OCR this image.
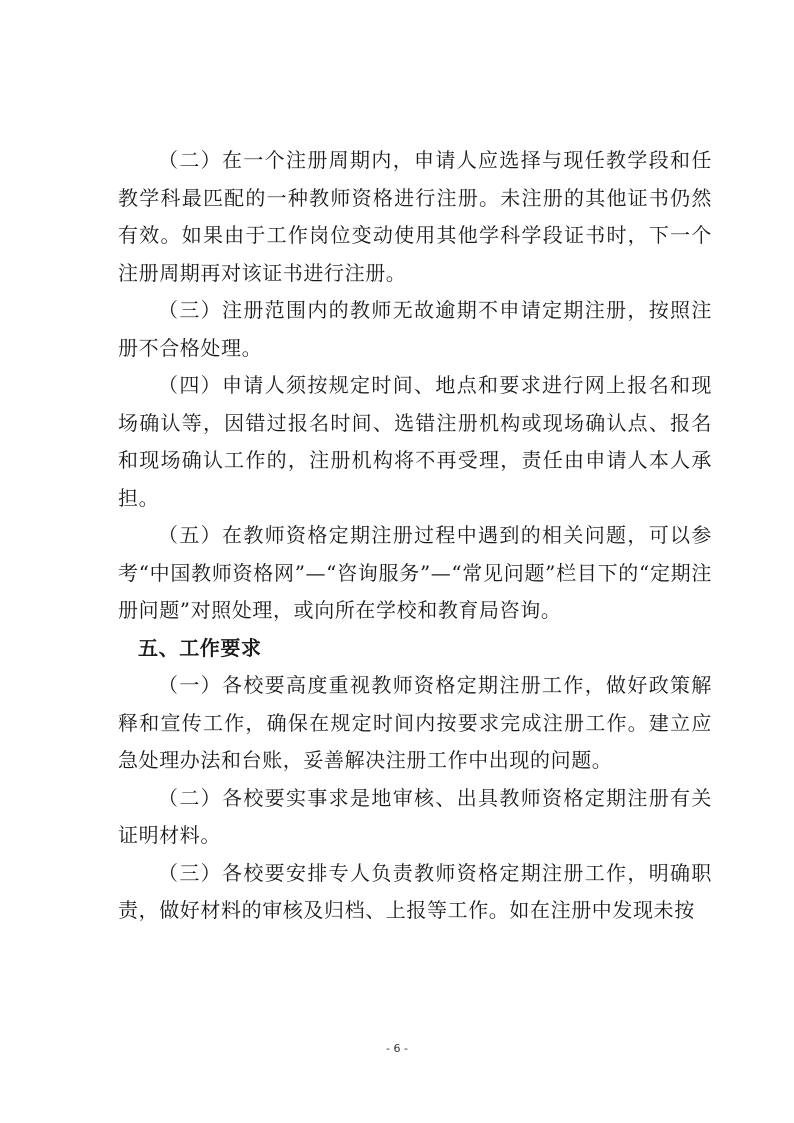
（二）在一个注册周期内，申请人应选择与现任教学段和任教学科最匹配的一种教师资格进行注册。未注册的其他证书仍然有效。如果由于工作岗位变动使用其他学科学段证书时，下一个注册周期再对该证书进行注册。

（三）注册范围内的教师无故逾期不申请定期注册，按照注册不合格处理。

（四）申请人须按规定时间、地点和要求进行网上报名和现场确认等，因错过报名时间、选错注册机构或现场确认点、报名和现场确认工作的，注册机构将不再受理，责任由申请人本人承担。

（五）在教师资格定期注册过程中遇到的相关问题，可以参考“中国教师资格网”—“咨询服务”—“常见问题”栏目下的“定期注册问题”对照处理，或向所在学校和教育局咨询。

五、工作要求

（一）各校要高度重视教师资格定期注册工作，做好政策解释和宣传工作，确保在规定时间内按要求完成注册工作。建立应急处理办法和台账，妥善解决注册工作中出现的问题。

（二）各校要实事求是地审核、出具教师资格定期注册有关证明材料。

（三）各校要安排专人负责教师资格定期注册工作，明确职责，做好材料的审核及归档、上报等工作。如在注册中发现未按

- 6 -
